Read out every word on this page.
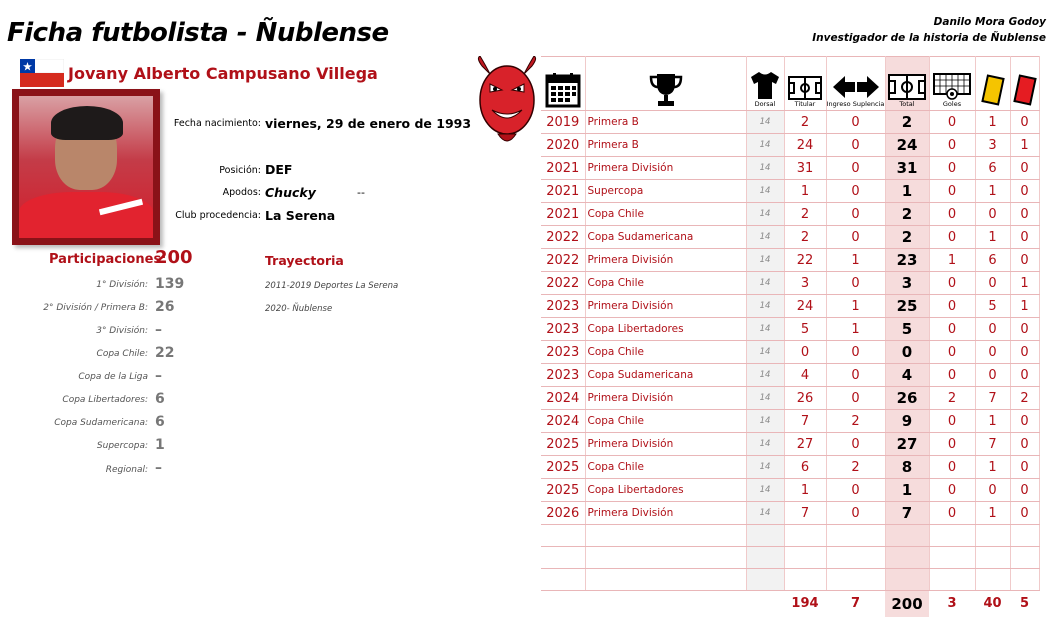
Ficha futbolista - Ñublense	Danilo Mora Godoy
Investigador de la historia de Ñublense
Jovany Alberto Campusano Villega
Fecha nacimiento: viernes, 29 de enero de 1993
Posición: DEF
Apodos: Chucky	--
Club procedencia: La Serena
Participaciones:
200	Trayectoria
2011-2019 Deportes La Serena
2020- Ñublense
1° División: 139
2° División / Primera B: 26
3° División: –
Copa Chile: 22
Copa de la Liga –
Copa Libertadores: 6
Copa Sudamericana: 6
Supercopa: 1
Regional: –

Dorsal	Titular	Ingreso Suplencia	Total	Goles

2019	Primera B	14	2	0	2	0	1	0
2020	Primera B	14	24	0	24	0	3	1
2021	Primera División	14	31	0	31	0	6	0
2021	Supercopa	14	1	0	1	0	1	0
2021	Copa Chile	14	2	0	2	0	0	0
2022	Copa Sudamericana	14	2	0	2	0	1	0
2022	Primera División	14	22	1	23	1	6	0
2022	Copa Chile	14	3	0	3	0	0	1
2023	Primera División	14	24	1	25	0	5	1
2023	Copa Libertadores	14	5	1	5	0	0	0
2023	Copa Chile	14	0	0	0	0	0	0
2023	Copa Sudamericana	14	4	0	4	0	0	0
2024	Primera División	14	26	0	26	2	7	2
2024	Copa Chile	14	7	2	9	0	1	0
2025	Primera División	14	27	0	27	0	7	0
2025	Copa Chile	14	6	2	8	0	1	0
2025	Copa Libertadores	14	1	0	1	0	0	0
2026	Primera División	14	7	0	7	0	1	0

			194	7	200	3	40	5
